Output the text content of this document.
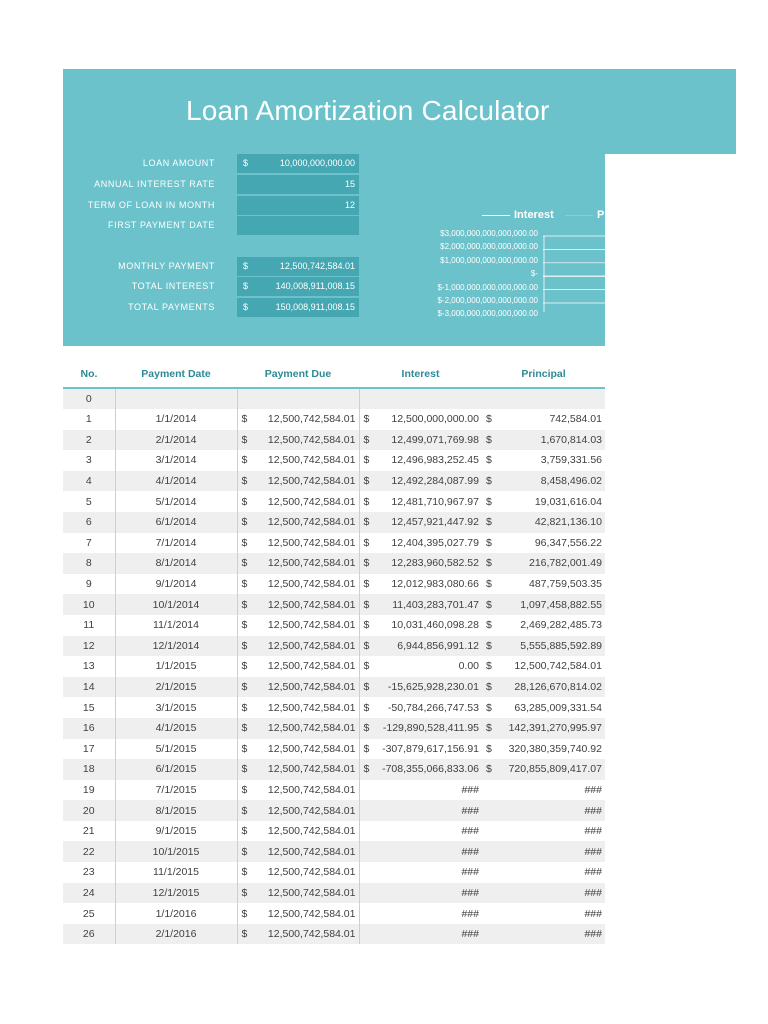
Loan Amortization Calculator
LOAN AMOUNT	$	10,000,000,000.00
ANNUAL INTEREST RATE	15
TERM OF LOAN IN MONTH	12
FIRST PAYMENT DATE
MONTHLY PAYMENT	$	12,500,742,584.01
TOTAL INTEREST	$	140,008,911,008.15
TOTAL PAYMENTS	$	150,008,911,008.15
Interest	P
$3,000,000,000,000,000.00
$2,000,000,000,000,000.00
$1,000,000,000,000,000.00
$-
$-1,000,000,000,000,000.00
$-2,000,000,000,000,000.00
$-3,000,000,000,000,000.00
No.	Payment Date	Payment Due	Interest	Principal
0		

1	1/1/2014	$ 12,500,742,584.01	$ 12,500,000,000.00	$ 742,584.01

2	2/1/2014	$ 12,500,742,584.01	$ 12,499,071,769.98	$ 1,670,814.03

3	3/1/2014	$ 12,500,742,584.01	$ 12,496,983,252.45	$ 3,759,331.56

4	4/1/2014	$ 12,500,742,584.01	$ 12,492,284,087.99	$ 8,458,496.02

5	5/1/2014	$ 12,500,742,584.01	$ 12,481,710,967.97	$ 19,031,616.04

6	6/1/2014	$ 12,500,742,584.01	$ 12,457,921,447.92	$ 42,821,136.10

7	7/1/2014	$ 12,500,742,584.01	$ 12,404,395,027.79	$ 96,347,556.22

8	8/1/2014	$ 12,500,742,584.01	$ 12,283,960,582.52	$ 216,782,001.49

9	9/1/2014	$ 12,500,742,584.01	$ 12,012,983,080.66	$ 487,759,503.35

10	10/1/2014	$ 12,500,742,584.01	$ 11,403,283,701.47	$ 1,097,458,882.55

11	11/1/2014	$ 12,500,742,584.01	$ 10,031,460,098.28	$ 2,469,282,485.73

12	12/1/2014	$ 12,500,742,584.01	$ 6,944,856,991.12	$ 5,555,885,592.89

13	1/1/2015	$ 12,500,742,584.01	$ 0.00	$ 12,500,742,584.01

14	2/1/2015	$ 12,500,742,584.01	$ -15,625,928,230.01	$ 28,126,670,814.02

15	3/1/2015	$ 12,500,742,584.01	$ -50,784,266,747.53	$ 63,285,009,331.54

16	4/1/2015	$ 12,500,742,584.01	$ -129,890,528,411.95	$ 142,391,270,995.97

17	5/1/2015	$ 12,500,742,584.01	$ -307,879,617,156.91	$ 320,380,359,740.92

18	6/1/2015	$ 12,500,742,584.01	$ -708,355,066,833.06	$ 720,855,809,417.07

19	7/1/2015	$ 12,500,742,584.01	###	###

20	8/1/2015	$ 12,500,742,584.01	###	###

21	9/1/2015	$ 12,500,742,584.01	###	###

22	10/1/2015	$ 12,500,742,584.01	###	###

23	11/1/2015	$ 12,500,742,584.01	###	###

24	12/1/2015	$ 12,500,742,584.01	###	###

25	1/1/2016	$ 12,500,742,584.01	###	###

26	2/1/2016	$ 12,500,742,584.01	###	###
